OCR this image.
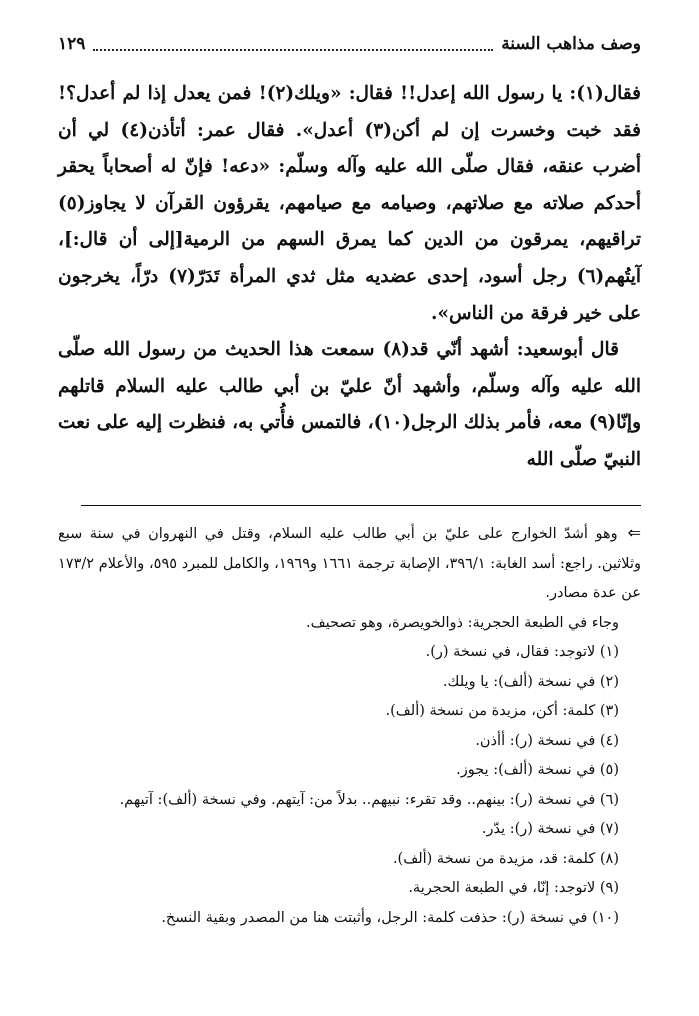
وصف مذاهب السنة
١٢٩

فقال(١): يا رسول الله إعدل!! فقال: «ويلك(٢)! فمن يعدل إذا لم أعدل؟! فقد خبت وخسرت إن لم أكن(٣) أعدل». فقال عمر: أتأذن(٤) لي أن أضرب عنقه، فقال صلّى الله عليه وآله وسلّم: «دعه! فإنّ له أصحاباً يحقر أحدكم صلاته مع صلاتهم، وصيامه مع صيامهم، يقرؤون القرآن لا يجاوز(٥) تراقيهم، يمرقون من الدين كما يمرق السهم من الرمية[إلى أن قال:]، آيتُهم(٦) رجل أسود، إحدى عضديه مثل ثدي المرأة تَدَرّ(٧) درّاً، يخرجون على خير فرقة من الناس».

قال أبوسعيد: أشهد أنّي قد(٨) سمعت هذا الحديث من رسول الله صلّى الله عليه وآله وسلّم، وأشهد أنّ عليّ بن أبي طالب عليه السلام قاتلهم وإنّا(٩) معه، فأمر بذلك الرجل(١٠)، فالتمس فأُتي به، فنظرت إليه على نعت النبيّ صلّى الله

⇐وهو أشدّ الخوارج على عليّ بن أبي طالب عليه السلام، وقتل في النهروان في سنة سبع وثلاثين. راجع: أسد الغابة: ٣٩٦/١، الإصابة ترجمة ١٦٦١ و١٩٦٩، والكامل للمبرد ٥٩٥، والأعلام ١٧٣/٢ عن عدة مصادر.

وجاء في الطبعة الحجرية: ذوالخويصرة، وهو تصحيف.

(١) لاتوجد: فقال، في نسخة (ر).
(٢) في نسخة (ألف): يا ويلك.
(٣) كلمة: أكن، مزيدة من نسخة (ألف).
(٤) في نسخة (ر): أأذن.
(٥) في نسخة (ألف): يجوز.
(٦) في نسخة (ر): بينهم.. وقد تقرء: نبيهم.. بدلاً من: آيتهم. وفي نسخة (ألف): آتيهم.
(٧) في نسخة (ر): يدّر.
(٨) كلمة: قد، مزيدة من نسخة (ألف).
(٩) لاتوجد: إنّا، في الطبعة الحجرية.
(١٠) في نسخة (ر): حذفت كلمة: الرجل، وأثبتت هنا من المصدر وبقية النسخ.
